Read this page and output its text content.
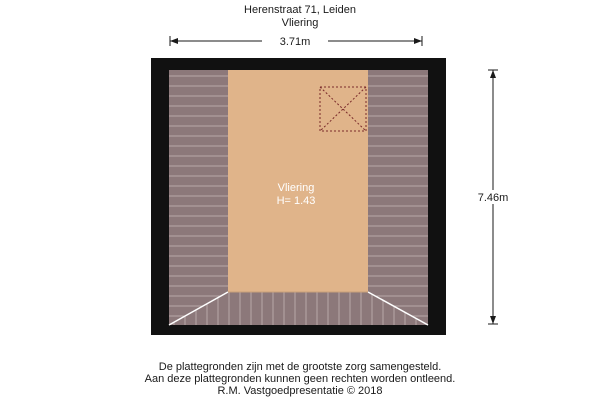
Herenstraat 71, Leiden
Vliering
Vliering
H= 1.43
3.71m
7.46m
De plattegronden zijn met de grootste zorg samengesteld.
Aan deze plattegronden kunnen geen rechten worden ontleend.
R.M. Vastgoedpresentatie © 2018
